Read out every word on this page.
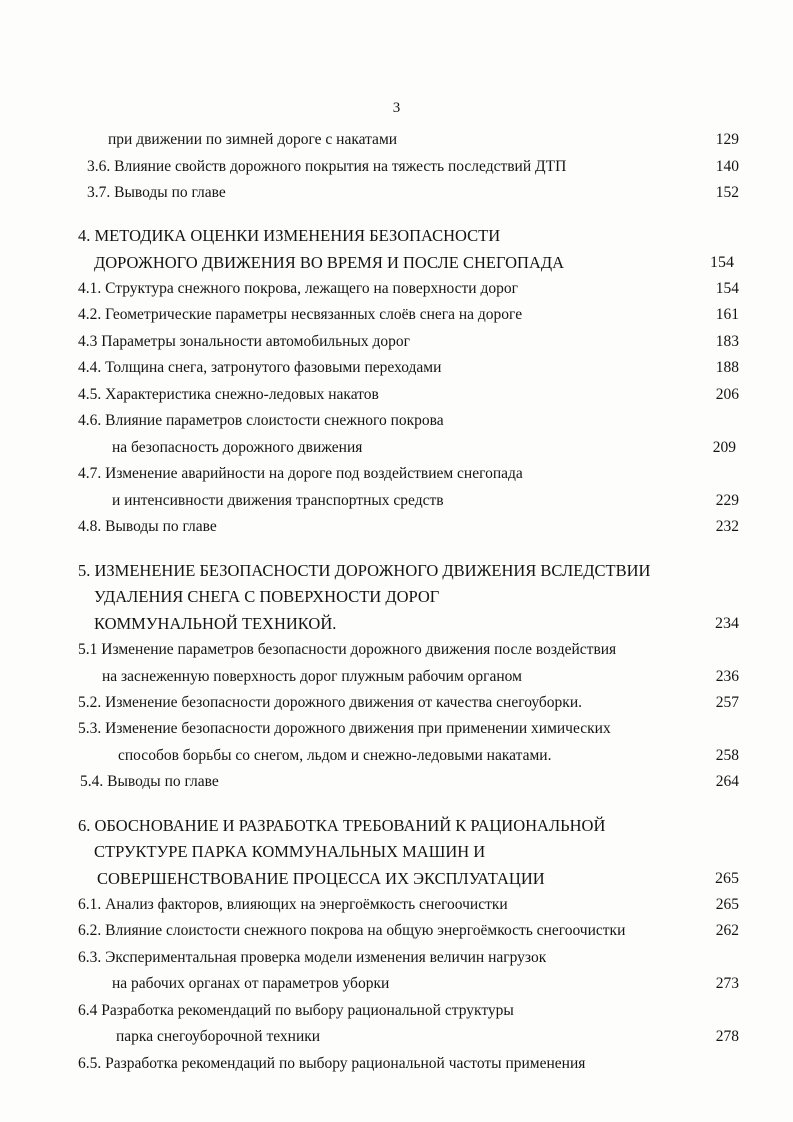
3
при движении по зимней дороге с накатами	129
3.6. Влияние свойств дорожного покрытия на тяжесть последствий ДТП	140
3.7. Выводы по главе	152
4. МЕТОДИКА ОЦЕНКИ ИЗМЕНЕНИЯ БЕЗОПАСНОСТИ
ДОРОЖНОГО ДВИЖЕНИЯ ВО ВРЕМЯ И ПОСЛЕ СНЕГОПАДА	154
4.1. Структура снежного покрова, лежащего на поверхности дорог	154
4.2. Геометрические параметры несвязанных слоёв снега на дороге	161
4.3 Параметры зональности автомобильных дорог	183
4.4. Толщина снега, затронутого фазовыми переходами	188
4.5. Характеристика снежно-ледовых накатов	206
4.6. Влияние параметров слоистости снежного покрова
на безопасность дорожного движения	209
4.7. Изменение аварийности на дороге под воздействием снегопада
и интенсивности движения транспортных средств	229
4.8. Выводы по главе	232
5. ИЗМЕНЕНИЕ БЕЗОПАСНОСТИ ДОРОЖНОГО ДВИЖЕНИЯ ВСЛЕДСТВИИ
УДАЛЕНИЯ СНЕГА С ПОВЕРХНОСТИ ДОРОГ
КОММУНАЛЬНОЙ ТЕХНИКОЙ.	234
5.1 Изменение параметров безопасности дорожного движения после воздействия
на заснеженную поверхность дорог плужным рабочим органом	236
5.2. Изменение безопасности дорожного движения от качества снегоуборки.	257
5.3. Изменение безопасности дорожного движения при применении химических
способов борьбы со снегом, льдом и снежно-ледовыми накатами.	258
5.4. Выводы по главе	264
6. ОБОСНОВАНИЕ И РАЗРАБОТКА ТРЕБОВАНИЙ К РАЦИОНАЛЬНОЙ
СТРУКТУРЕ ПАРКА КОММУНАЛЬНЫХ МАШИН И
СОВЕРШЕНСТВОВАНИЕ ПРОЦЕССА ИХ ЭКСПЛУАТАЦИИ	265
6.1. Анализ факторов, влияющих на энергоёмкость снегоочистки	265
6.2. Влияние слоистости снежного покрова на общую энергоёмкость снегоочистки	262
6.3. Экспериментальная проверка модели изменения величин нагрузок
на рабочих органах от параметров уборки	273
6.4 Разработка рекомендаций по выбору рациональной структуры
парка снегоуборочной техники	278
6.5. Разработка рекомендаций по выбору рациональной частоты применения
